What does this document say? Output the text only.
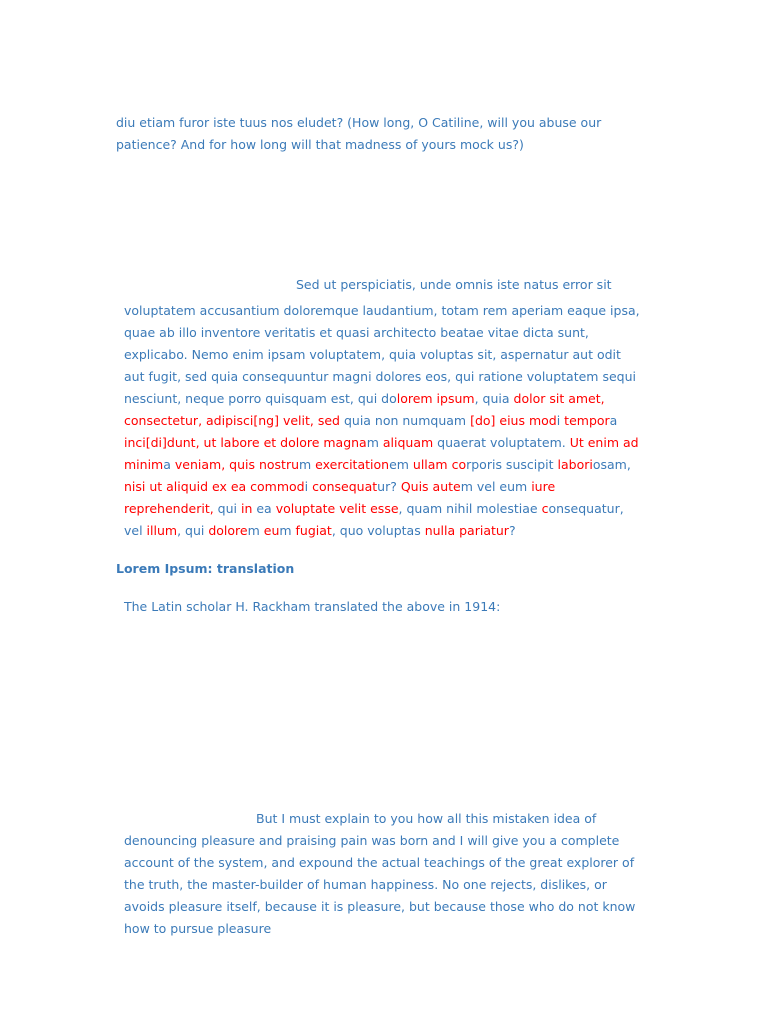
diu etiam furor iste tuus nos eludet? (How long, O Catiline, will you abuse our patience? And for how long will that madness of yours mock us?)

Sed ut perspiciatis, unde omnis iste natus error sit
voluptatem accusantium doloremque laudantium, totam rem aperiam eaque ipsa, quae ab illo inventore veritatis et quasi architecto beatae vitae dicta sunt, explicabo. Nemo enim ipsam voluptatem, quia voluptas sit, aspernatur aut odit aut fugit, sed quia consequuntur magni dolores eos, qui ratione voluptatem sequi nesciunt, neque porro quisquam est, qui dolorem ipsum, quia dolor sit amet, consectetur, adipisci[ng] velit, sed quia non numquam [do] eius modi tempora inci[di]dunt, ut labore et dolore magnam aliquam quaerat voluptatem. Ut enim ad minima veniam, quis nostrum exercitationem ullam corporis suscipit laboriosam, nisi ut aliquid ex ea commodi consequatur? Quis autem vel eum iure reprehenderit, qui in ea voluptate velit esse, quam nihil molestiae consequatur, vel illum, qui dolorem eum fugiat, quo voluptas nulla pariatur?

Lorem Ipsum: translation

The Latin scholar H. Rackham translated the above in 1914:

But I must explain to you how all this mistaken idea of denouncing pleasure and praising pain was born and I will give you a complete account of the system, and expound the actual teachings of the great explorer of the truth, the master-builder of human happiness. No one rejects, dislikes, or avoids pleasure itself, because it is pleasure, but because those who do not know how to pursue pleasure
